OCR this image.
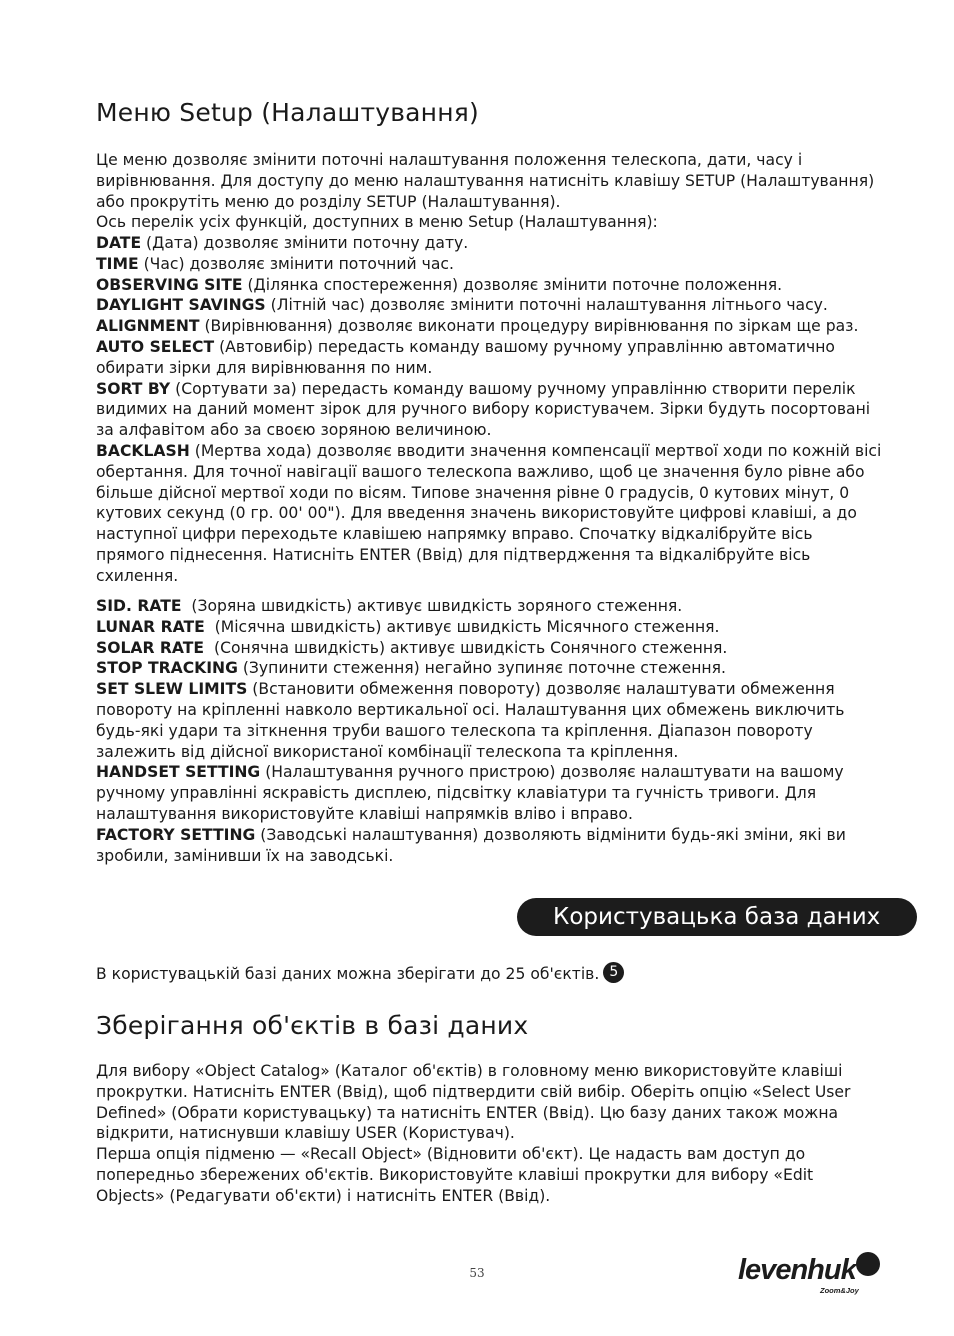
Меню Setup (Налаштування)

Це меню дозволяє змінити поточні налаштування положення телескопа, дати, часу і

вирівнювання. Для доступу до меню налаштування натисніть клавішу SETUP (Налаштування)

або прокрутіть меню до розділу SETUP (Налаштування).

Ось перелік усіх функцій, доступних в меню Setup (Налаштування):

DATE (Дата) дозволяє змінити поточну дату.

TIME (Час) дозволяє змінити поточний час.

OBSERVING SITE (Ділянка спостереження) дозволяє змінити поточне положення.

DAYLIGHT SAVINGS (Літній час) дозволяє змінити поточні налаштування літнього часу.

ALIGNMENT (Вирівнювання) дозволяє виконати процедуру вирівнювання по зіркам ще раз.

AUTO SELECT (Автовибір) передасть команду вашому ручному управлінню автоматично

обирати зірки для вирівнювання по ним.

SORT BY (Сортувати за) передасть команду вашому ручному управлінню створити перелік

видимих на даний момент зірок для ручного вибору користувачем. Зірки будуть посортовані

за алфавітом або за своєю зоряною величиною.

BACKLASH (Мертва хода) дозволяє вводити значення компенсації мертвої ходи по кожній вісі

обертання. Для точної навігації вашого телескопа важливо, щоб це значення було рівне або

більше дійсної мертвої ходи по вісям. Типове значення рівне 0 градусів, 0 кутових мінут, 0

кутових секунд (0 гр. 00' 00"). Для введення значень використовуйте цифрові клавіші, а до

наступної цифри переходьте клавішею напрямку вправо. Спочатку відкалібруйте вісь

прямого піднесення. Натисніть ENTER (Ввід) для підтвердження та відкалібруйте вісь

схилення.

SID. RATE  (Зоряна швидкість) активує швидкість зоряного стеження.

LUNAR RATE  (Місячна швидкість) активує швидкість Місячного стеження.

SOLAR RATE  (Сонячна швидкість) активує швидкість Сонячного стеження.

STOP TRACKING (Зупинити стеження) негайно зупиняє поточне стеження.

SET SLEW LIMITS (Встановити обмеження повороту) дозволяє налаштувати обмеження

повороту на кріпленні навколо вертикальної осі. Налаштування цих обмежень виключить

будь-які удари та зіткнення труби вашого телескопа та кріплення. Діапазон повороту

залежить від дійсної використаної комбінації телескопа та кріплення.

HANDSET SETTING (Налаштування ручного пристрою) дозволяє налаштувати на вашому

ручному управлінні яскравість дисплею, підсвітку клавіатури та гучність тривоги. Для

налаштування використовуйте клавіші напрямків вліво і вправо.

FACTORY SETTING (Заводські налаштування) дозволяють відмінити будь-які зміни, які ви

зробили, замінивши їх на заводські.

Користувацька база даних

В користувацькій базі даних можна зберігати до 25 об'єктів. 5

Зберігання об'єктів в базі даних

Для вибору «Object Catalog» (Каталог об'єктів) в головному меню використовуйте клавіші

прокрутки. Натисніть ENTER (Ввід), щоб підтвердити свій вибір. Оберіть опцію «Select User

Defined» (Обрати користувацьку) та натисніть ENTER (Ввід). Цю базу даних також можна

відкрити, натиснувши клавішу USER (Користувач).

Перша опція підменю — «Recall Object» (Відновити об'єкт). Це надасть вам доступ до

попередньо збережених об'єктів. Використовуйте клавіші прокрутки для вибору «Edit

Objects» (Редагувати об'єкти) і натисніть ENTER (Ввід).

53	levenhuk
Zoom&Joy
